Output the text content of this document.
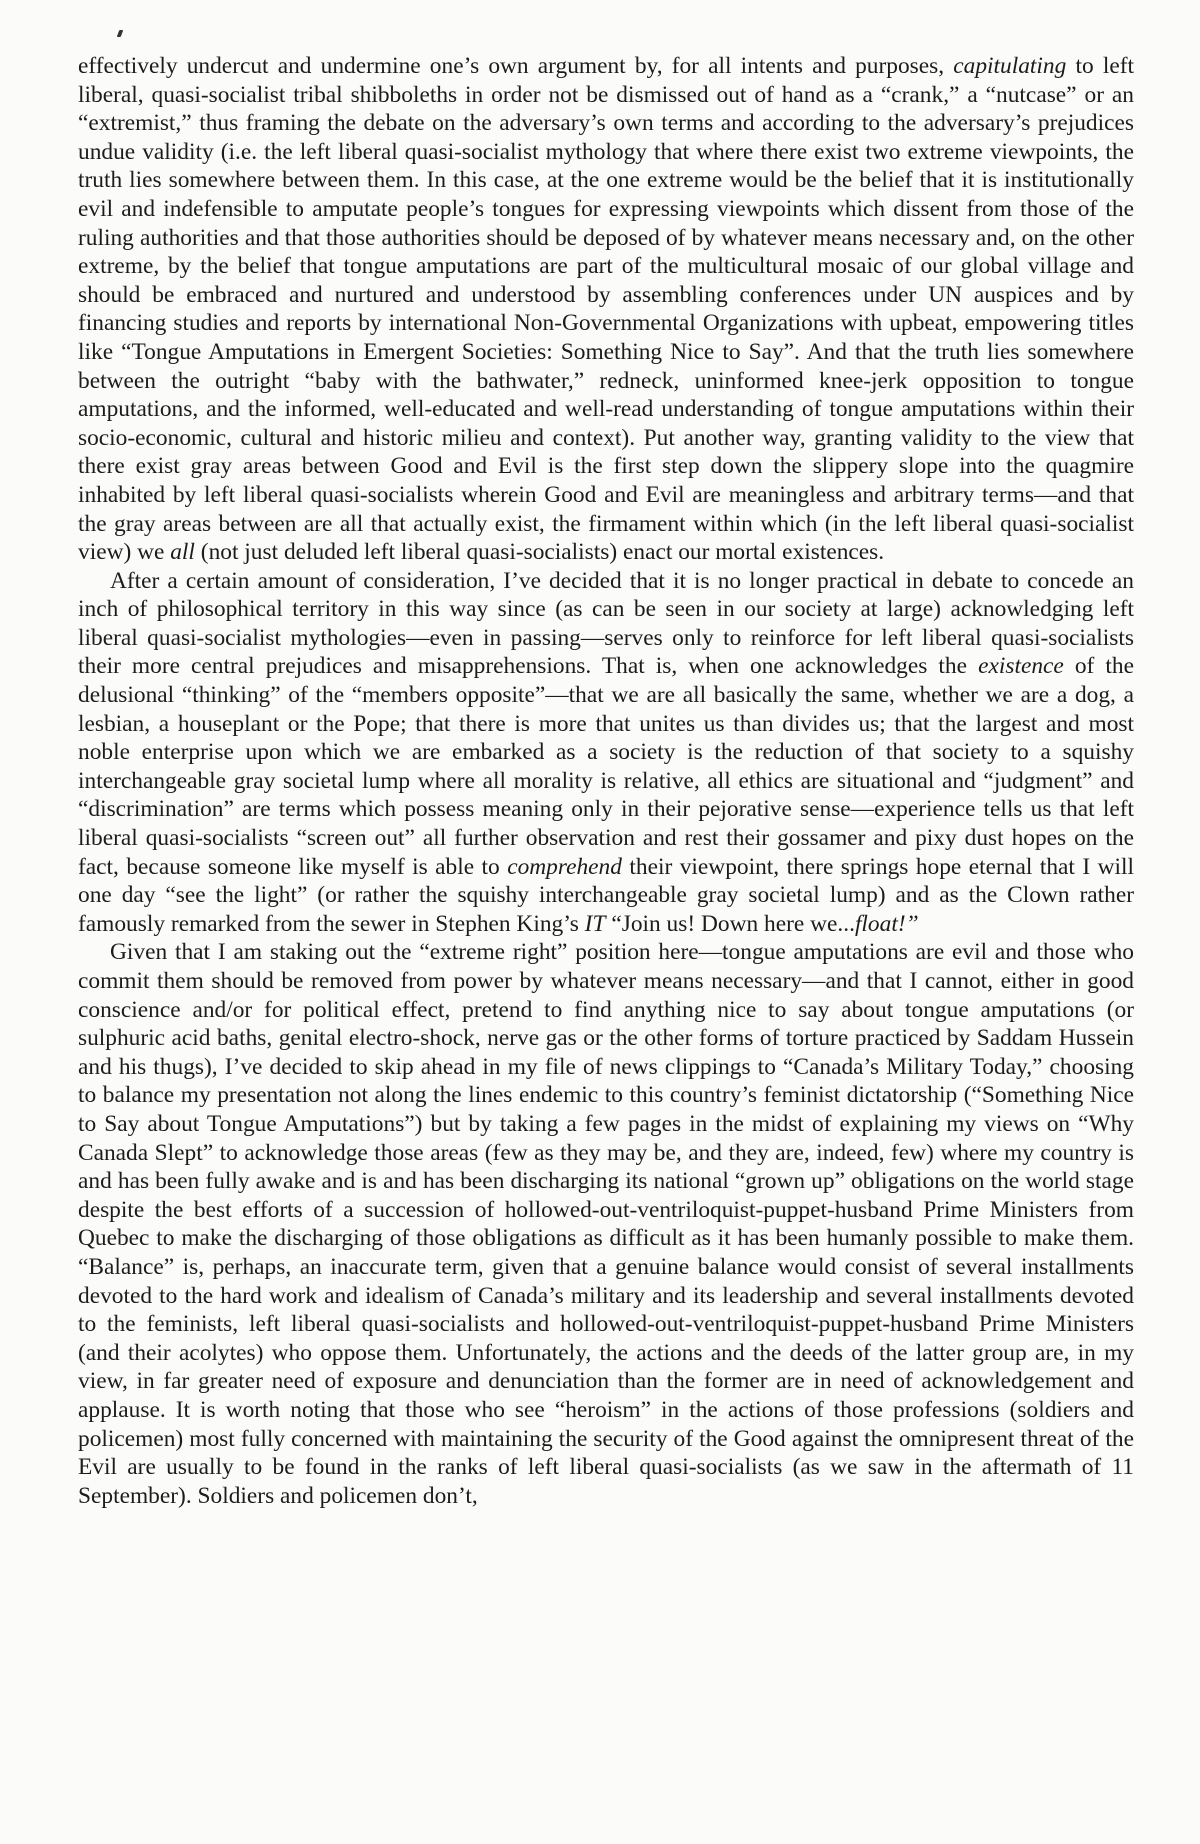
effectively undercut and undermine one’s own argument by, for all intents and purposes, capitulating to left liberal, quasi-socialist tribal shibboleths in order not be dismissed out of hand as a “crank,” a “nutcase” or an “extremist,” thus framing the debate on the adversary’s own terms and according to the adversary’s prejudices undue validity (i.e. the left liberal quasi-socialist mythology that where there exist two extreme viewpoints, the truth lies somewhere between them. In this case, at the one extreme would be the belief that it is institutionally evil and indefensible to amputate people’s tongues for expressing viewpoints which dissent from those of the ruling authorities and that those authorities should be deposed of by whatever means necessary and, on the other extreme, by the belief that tongue amputations are part of the multicultural mosaic of our global village and should be embraced and nurtured and understood by assembling conferences under UN auspices and by financing studies and reports by international Non-Governmental Organizations with upbeat, empowering titles like “Tongue Amputations in Emergent Societies: Something Nice to Say”. And that the truth lies somewhere between the outright “baby with the bathwater,” redneck, uninformed knee-jerk opposition to tongue amputations, and the informed, well-educated and well-read understanding of tongue amputations within their socio-economic, cultural and historic milieu and context). Put another way, granting validity to the view that there exist gray areas between Good and Evil is the first step down the slippery slope into the quagmire inhabited by left liberal quasi-socialists wherein Good and Evil are meaningless and arbitrary terms—and that the gray areas between are all that actually exist, the firmament within which (in the left liberal quasi-socialist view) we all (not just deluded left liberal quasi-socialists) enact our mortal existences.

After a certain amount of consideration, I’ve decided that it is no longer practical in debate to concede an inch of philosophical territory in this way since (as can be seen in our society at large) acknowledging left liberal quasi-socialist mythologies—even in passing—serves only to reinforce for left liberal quasi-socialists their more central prejudices and misapprehensions. That is, when one acknowledges the existence of the delusional “thinking” of the “members opposite”—that we are all basically the same, whether we are a dog, a lesbian, a houseplant or the Pope; that there is more that unites us than divides us; that the largest and most noble enterprise upon which we are embarked as a society is the reduction of that society to a squishy interchangeable gray societal lump where all morality is relative, all ethics are situational and “judgment” and “discrimination” are terms which possess meaning only in their pejorative sense—experience tells us that left liberal quasi-socialists “screen out” all further observation and rest their gossamer and pixy dust hopes on the fact, because someone like myself is able to comprehend their viewpoint, there springs hope eternal that I will one day “see the light” (or rather the squishy interchangeable gray societal lump) and as the Clown rather famously remarked from the sewer in Stephen King’s IT “Join us! Down here we...float!”

Given that I am staking out the “extreme right” position here—tongue amputations are evil and those who commit them should be removed from power by whatever means necessary—and that I cannot, either in good conscience and/or for political effect, pretend to find anything nice to say about tongue amputations (or sulphuric acid baths, genital electro-shock, nerve gas or the other forms of torture practiced by Saddam Hussein and his thugs), I’ve decided to skip ahead in my file of news clippings to “Canada’s Military Today,” choosing to balance my presentation not along the lines endemic to this country’s feminist dictatorship (“Something Nice to Say about Tongue Amputations”) but by taking a few pages in the midst of explaining my views on “Why Canada Slept” to acknowledge those areas (few as they may be, and they are, indeed, few) where my country is and has been fully awake and is and has been discharging its national “grown up” obligations on the world stage despite the best efforts of a succession of hollowed-out-ventriloquist-puppet-husband Prime Ministers from Quebec to make the discharging of those obligations as difficult as it has been humanly possible to make them. “Balance” is, perhaps, an inaccurate term, given that a genuine balance would consist of several installments devoted to the hard work and idealism of Canada’s military and its leadership and several installments devoted to the feminists, left liberal quasi-socialists and hollowed-out-ventriloquist-puppet-husband Prime Ministers (and their acolytes) who oppose them. Unfortunately, the actions and the deeds of the latter group are, in my view, in far greater need of exposure and denunciation than the former are in need of acknowledgement and applause. It is worth noting that those who see “heroism” in the actions of those professions (soldiers and policemen) most fully concerned with maintaining the security of the Good against the omnipresent threat of the Evil are usually to be found in the ranks of left liberal quasi-socialists (as we saw in the aftermath of 11 September). Soldiers and policemen don’t,
